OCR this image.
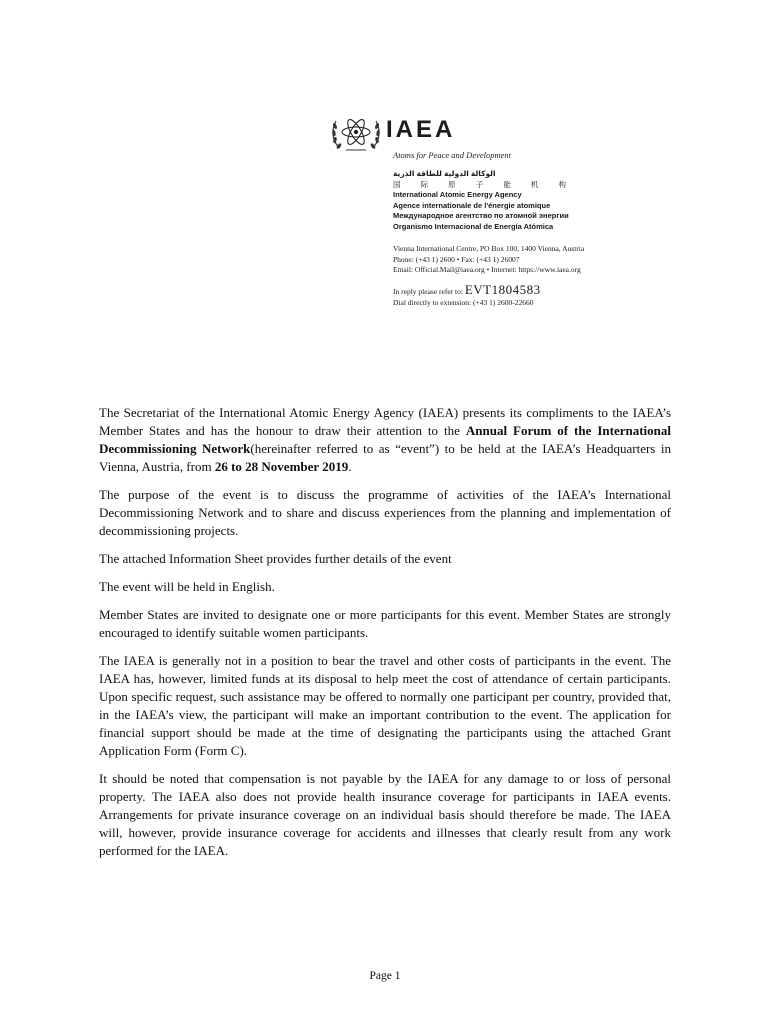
IAEA
Atoms for Peace and Development
الوكالة الدولية للطاقة الذرية
国 际 原 子 能 机 构
International Atomic Energy Agency
Agence internationale de l'énergie atomique
Международное агентство по атомной энергии
Organismo Internacional de Energía Atómica
Vienna International Centre, PO Box 100, 1400 Vienna, Austria
Phone: (+43 1) 2600 • Fax: (+43 1) 26007
Email: Official.Mail@iaea.org • Internet: https://www.iaea.org
In reply please refer to: EVT1804583
Dial directly to extension: (+43 1) 2600-22660

The Secretariat of the International Atomic Energy Agency (IAEA) presents its compliments to the IAEA’s Member States and has the honour to draw their attention to the Annual Forum of the International Decommissioning Network(hereinafter referred to as “event”) to be held at the IAEA’s Headquarters in Vienna, Austria, from 26 to 28 November 2019.

The purpose of the event is to discuss the programme of activities of the IAEA’s International Decommissioning Network and to share and discuss experiences from the planning and implementation of decommissioning projects.

The attached Information Sheet provides further details of the event

The event will be held in English.

Member States are invited to designate one or more participants for this event. Member States are strongly encouraged to identify suitable women participants.

The IAEA is generally not in a position to bear the travel and other costs of participants in the event. The IAEA has, however, limited funds at its disposal to help meet the cost of attendance of certain participants. Upon specific request, such assistance may be offered to normally one participant per country, provided that, in the IAEA’s view, the participant will make an important contribution to the event. The application for financial support should be made at the time of designating the participants using the attached Grant Application Form (Form C).

It should be noted that compensation is not payable by the IAEA for any damage to or loss of personal property. The IAEA also does not provide health insurance coverage for participants in IAEA events. Arrangements for private insurance coverage on an individual basis should therefore be made. The IAEA will, however, provide insurance coverage for accidents and illnesses that clearly result from any work performed for the IAEA.

Page 1
